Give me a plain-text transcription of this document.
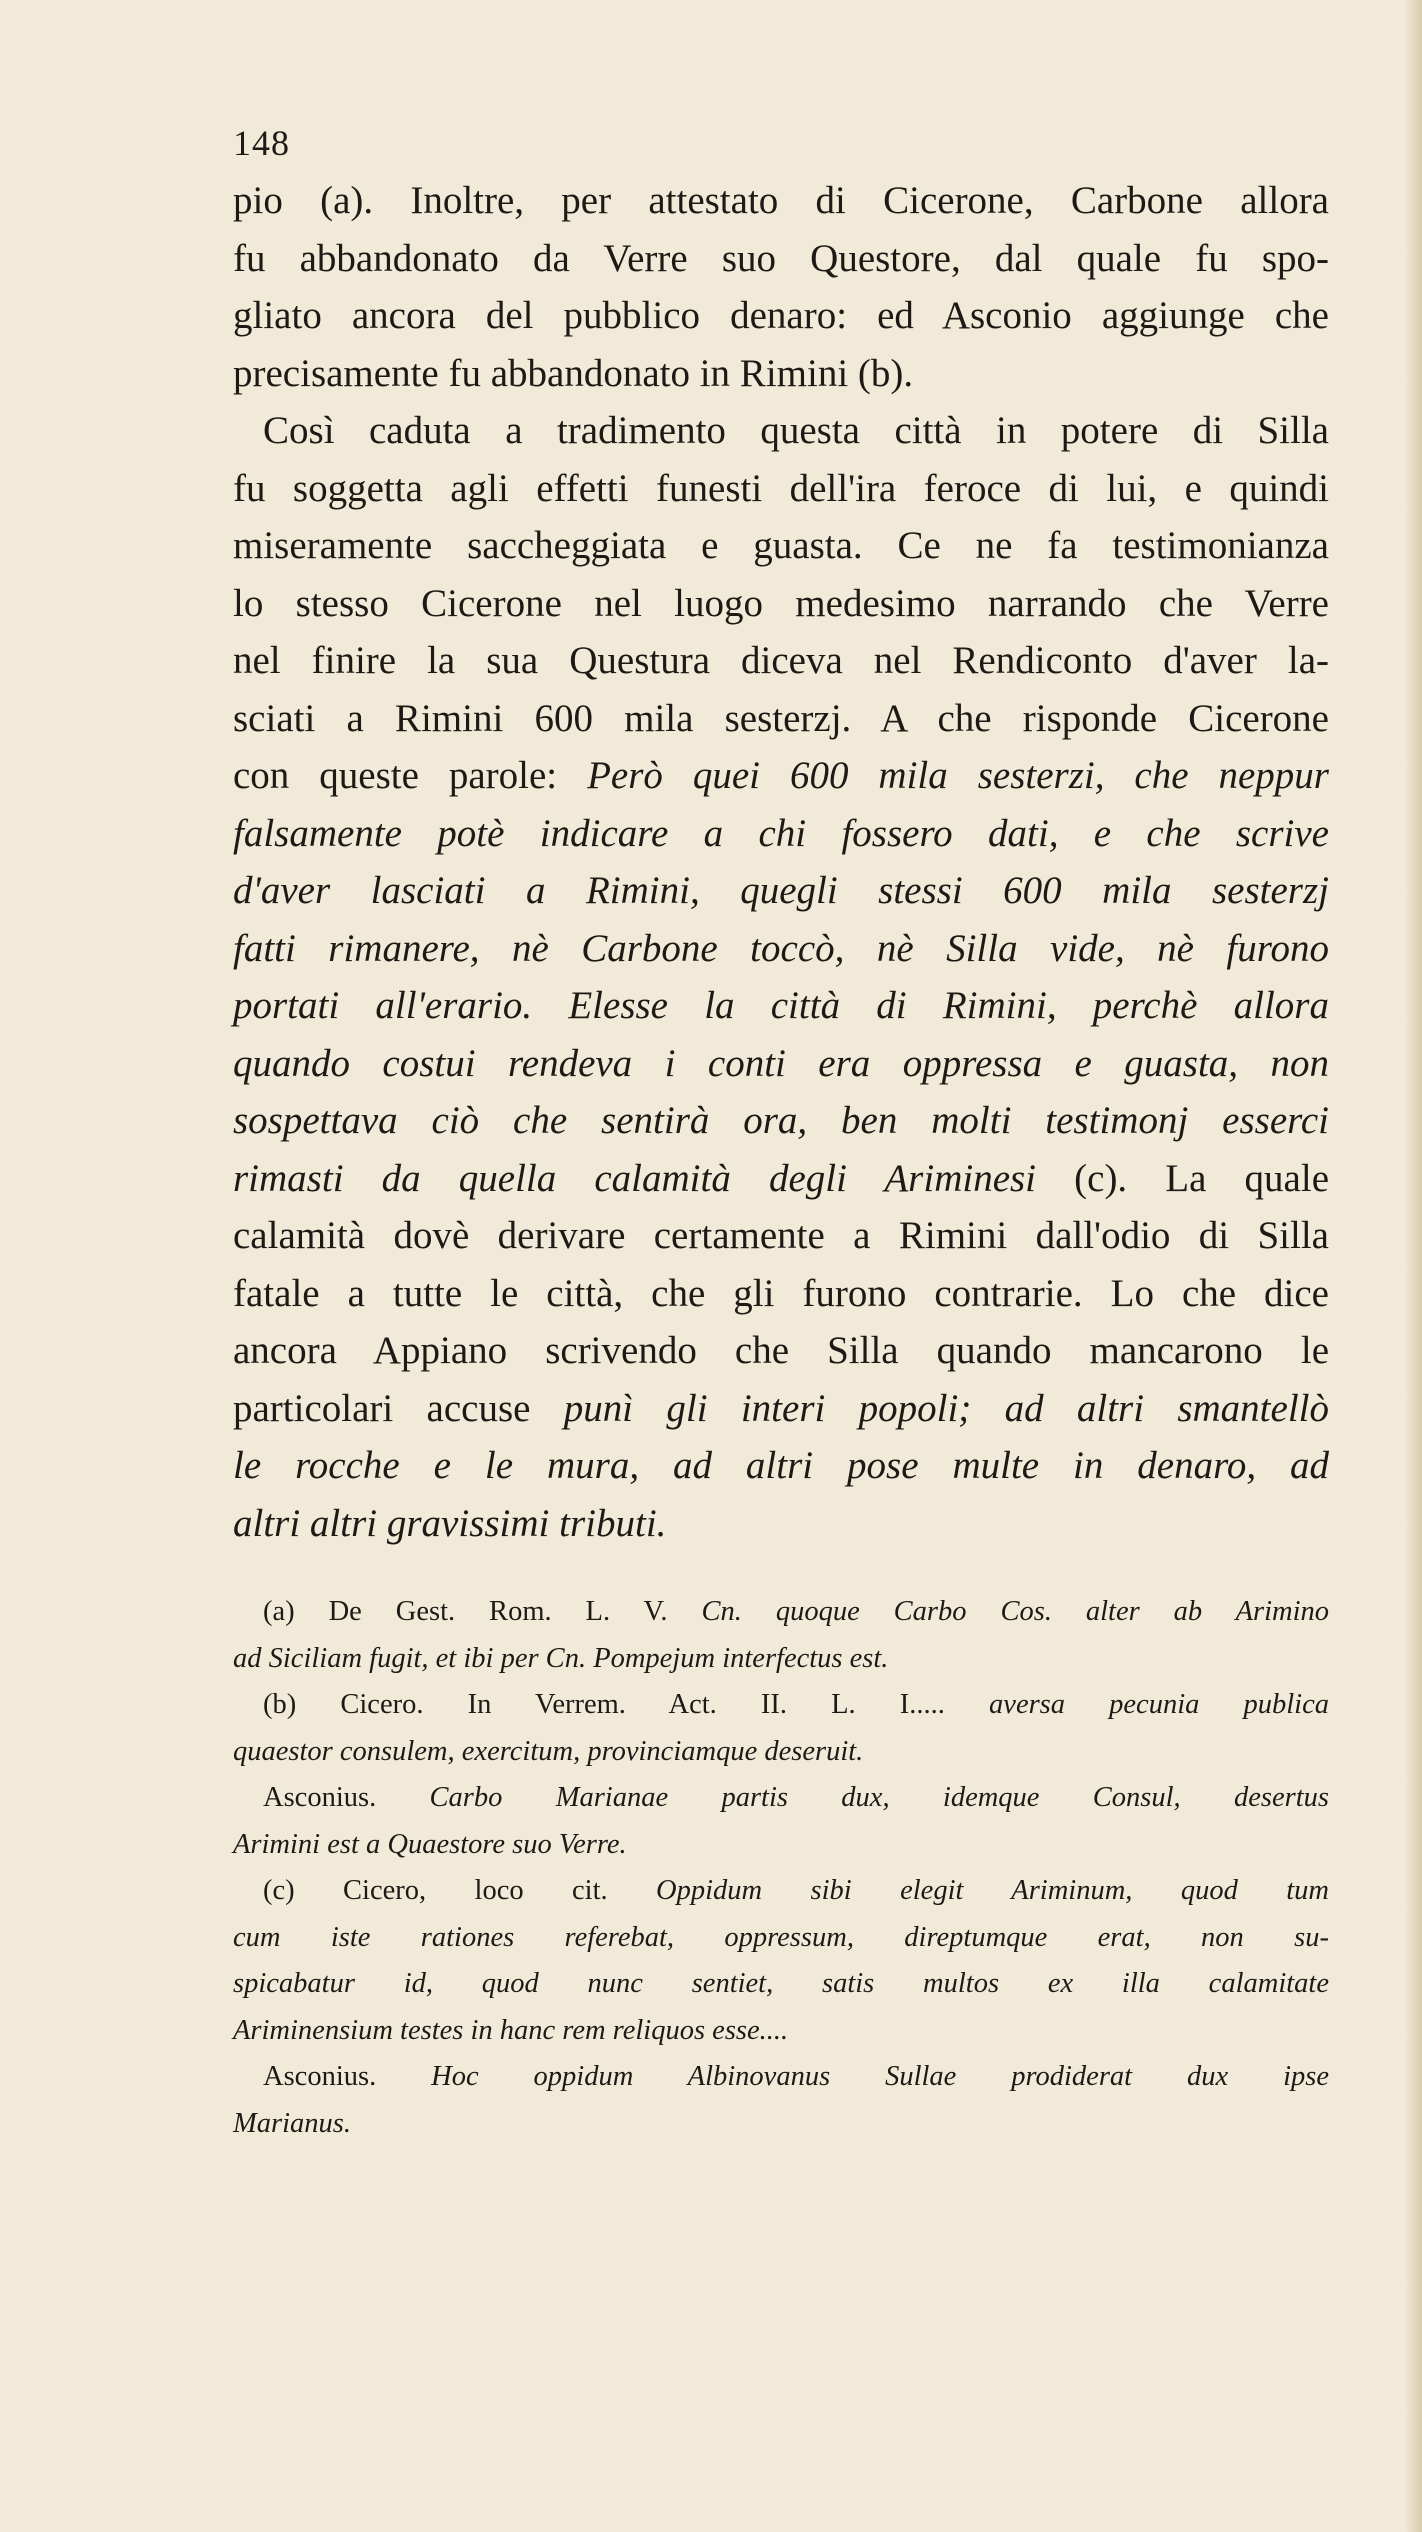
148
pio (a). Inoltre, per attestato di Cicerone, Carbone allora
fu abbandonato da Verre suo Questore, dal quale fu spo-
gliato ancora del pubblico denaro: ed Asconio aggiunge che
precisamente fu abbandonato in Rimini (b).
Così caduta a tradimento questa città in potere di Silla
fu soggetta agli effetti funesti dell'ira feroce di lui, e quindi
miseramente saccheggiata e guasta. Ce ne fa testimonianza
lo stesso Cicerone nel luogo medesimo narrando che Verre
nel finire la sua Questura diceva nel Rendiconto d'aver la-
sciati a Rimini 600 mila sesterzj. A che risponde Cicerone
con queste parole: Però quei 600 mila sesterzi, che neppur
falsamente potè indicare a chi fossero dati, e che scrive
d'aver lasciati a Rimini, quegli stessi 600 mila sesterzj
fatti rimanere, nè Carbone toccò, nè Silla vide, nè furono
portati all'erario. Elesse la città di Rimini, perchè allora
quando costui rendeva i conti era oppressa e guasta, non
sospettava ciò che sentirà ora, ben molti testimonj esserci
rimasti da quella calamità degli Ariminesi (c). La quale
calamità dovè derivare certamente a Rimini dall'odio di Silla
fatale a tutte le città, che gli furono contrarie. Lo che dice
ancora Appiano scrivendo che Silla quando mancarono le
particolari accuse punì gli interi popoli; ad altri smantellò
le rocche e le mura, ad altri pose multe in denaro, ad
altri altri gravissimi tributi.
(a) De Gest. Rom. L. V. Cn. quoque Carbo Cos. alter ab Arimino
ad Siciliam fugit, et ibi per Cn. Pompejum interfectus est.
(b) Cicero. In Verrem. Act. II. L. I..... aversa pecunia publica
quaestor consulem, exercitum, provinciamque deseruit.
Asconius. Carbo Marianae partis dux, idemque Consul, desertus
Arimini est a Quaestore suo Verre.
(c) Cicero, loco cit. Oppidum sibi elegit Ariminum, quod tum
cum iste rationes referebat, oppressum, direptumque erat, non su-
spicabatur id, quod nunc sentiet, satis multos ex illa calamitate
Ariminensium testes in hanc rem reliquos esse....
Asconius. Hoc oppidum Albinovanus Sullae prodiderat dux ipse
Marianus.
